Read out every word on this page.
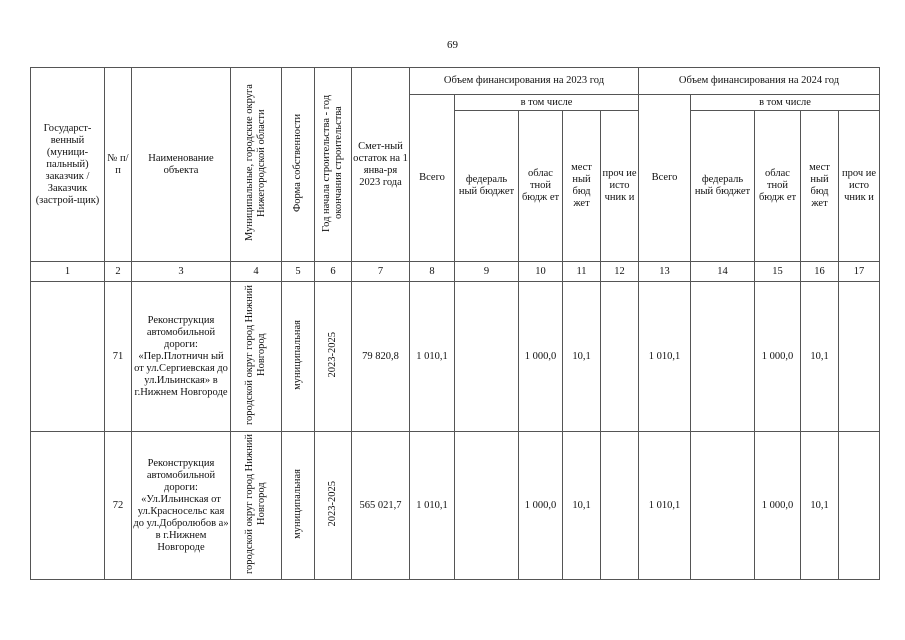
69
Государст-венный (муници-пальный) заказчик / Заказчик (застрой-щик)	№ п/п	Наименование объекта	Муниципальные, городские округа Нижегородской области	Форма собственности	Год начала строительства - год окончания строительства	Смет-ный остаток на 1 янва-ря 2023 года	Объем финансирования на 2023 год					Объем финансирования на 2024 год				
							Всего	в том числе				Всего	в том числе			
								федераль ный бюджет	облас тной бюдж ет	мест ный бюд жет	проч ие исто чник и		федераль ный бюджет	облас тной бюдж ет	мест ный бюд жет	проч ие исто чник и
1	2	3	4	5	6	7	8	9	10	11	12	13	14	15	16	17
	71	Реконструкция автомобильной дороги: «Пер.Плотничн ый от ул.Сергиевская до ул.Ильинская» в г.Нижнем Новгороде	городской округ город Нижний Новгород	муниципальная	2023-2025	79 820,8	1 010,1		1 000,0	10,1		1 010,1		1 000,0	10,1	
	72	Реконструкция автомобильной дороги: «Ул.Ильинская от ул.Красносельс кая до ул.Добролюбов а» в г.Нижнем Новгороде	городской округ город Нижний Новгород	муниципальная	2023-2025	565 021,7	1 010,1		1 000,0	10,1		1 010,1		1 000,0	10,1	
